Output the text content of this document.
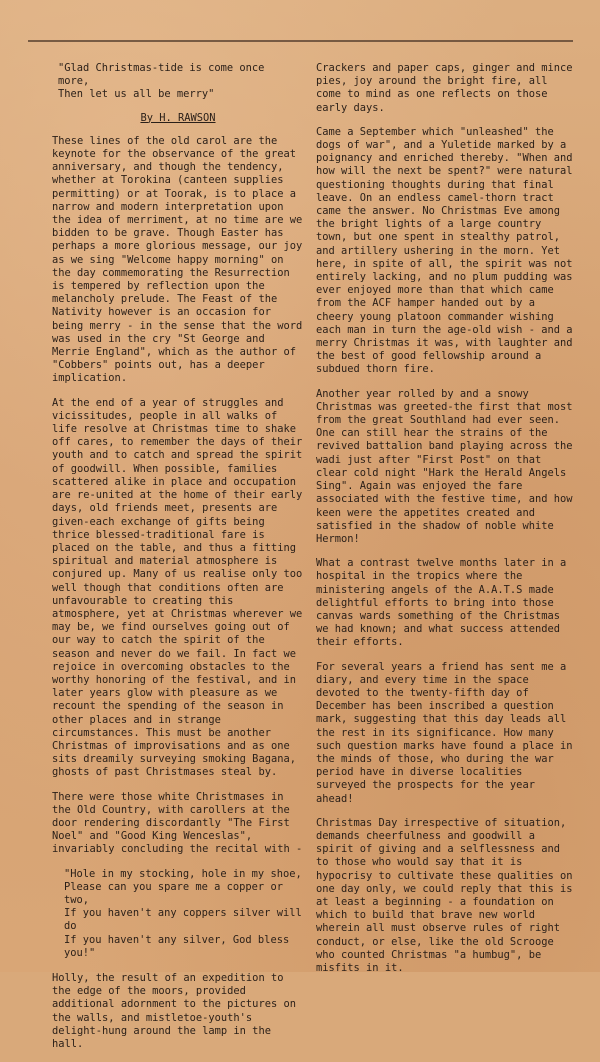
"Glad Christmas-tide is come once
more,
Then let us all be merry"

By H. RAWSON

These lines of the old carol are the keynote for the observance of the great anniversary, and though the tendency, whether at Torokina (canteen supplies permitting) or at Toorak, is to place a narrow and modern interpretation upon the idea of merriment, at no time are we bidden to be grave. Though Easter has perhaps a more glorious message, our joy as we sing "Welcome happy morning" on the day commemorating the Resurrection is tempered by reflection upon the melancholy prelude. The Feast of the Nativity however is an occasion for being merry - in the sense that the word was used in the cry "St George and Merrie England", which as the author of "Cobbers" points out, has a deeper implication.

At the end of a year of struggles and vicissitudes, people in all walks of life resolve at Christmas time to shake off cares, to remember the days of their youth and to catch and spread the spirit of goodwill. When possible, families scattered alike in place and occupation are re-united at the home of their early days, old friends meet, presents are given-each exchange of gifts being thrice blessed-traditional fare is placed on the table, and thus a fitting spiritual and material atmosphere is conjured up. Many of us realise only too well though that conditions often are unfavourable to creating this atmosphere, yet at Christmas wherever we may be, we find ourselves going out of our way to catch the spirit of the season and never do we fail. In fact we rejoice in overcoming obstacles to the worthy honoring of the festival, and in later years glow with pleasure as we recount the spending of the season in other places and in strange circumstances. This must be another Christmas of improvisations and as one sits dreamily surveying smoking Bagana, ghosts of past Christmases steal by.

There were those white Christmases in the Old Country, with carollers at the door rendering discordantly "The First Noel" and "Good King Wenceslas", invariably concluding the recital with -

"Hole in my stocking, hole in my shoe,
Please can you spare me a copper or two,
If you haven't any coppers silver will do
If you haven't any silver, God bless you!"

Holly, the result of an expedition to the edge of the moors, provided additional adornment to the pictures on the walls, and mistletoe-youth's delight-hung around the lamp in the hall.

Crackers and paper caps, ginger and mince pies, joy around the bright fire, all come to mind as one reflects on those early days.

Came a September which "unleashed" the dogs of war", and a Yuletide marked by a poignancy and enriched thereby. "When and how will the next be spent?" were natural questioning thoughts during that final leave. On an endless camel-thorn tract came the answer. No Christmas Eve among the bright lights of a large country town, but one spent in stealthy patrol, and artillery ushering in the morn. Yet here, in spite of all, the spirit was not entirely lacking, and no plum pudding was ever enjoyed more than that which came from the ACF hamper handed out by a cheery young platoon commander wishing each man in turn the age-old wish - and a merry Christmas it was, with laughter and the best of good fellowship around a subdued thorn fire.

Another year rolled by and a snowy Christmas was greeted-the first that most from the great Southland had ever seen. One can still hear the strains of the revived battalion band playing across the wadi just after "First Post" on that clear cold night "Hark the Herald Angels Sing". Again was enjoyed the fare associated with the festive time, and how keen were the appetites created and satisfied in the shadow of noble white Hermon!

What a contrast twelve months later in a hospital in the tropics where the ministering angels of the A.A.T.S made delightful efforts to bring into those canvas wards something of the Christmas we had known; and what success attended their efforts.

For several years a friend has sent me a diary, and every time in the space devoted to the twenty-fifth day of December has been inscribed a question mark, suggesting that this day leads all the rest in its significance. How many such question marks have found a place in the minds of those, who during the war period have in diverse localities surveyed the prospects for the year ahead!

Christmas Day irrespective of situation, demands cheerfulness and goodwill a spirit of giving and a selflessness and to those who would say that it is hypocrisy to cultivate these qualities on one day only, we could reply that this is at least a beginning - a foundation on which to build that brave new world wherein all must observe rules of right conduct, or else, like the old Scrooge who counted Christmas "a humbug", be misfits in it.
